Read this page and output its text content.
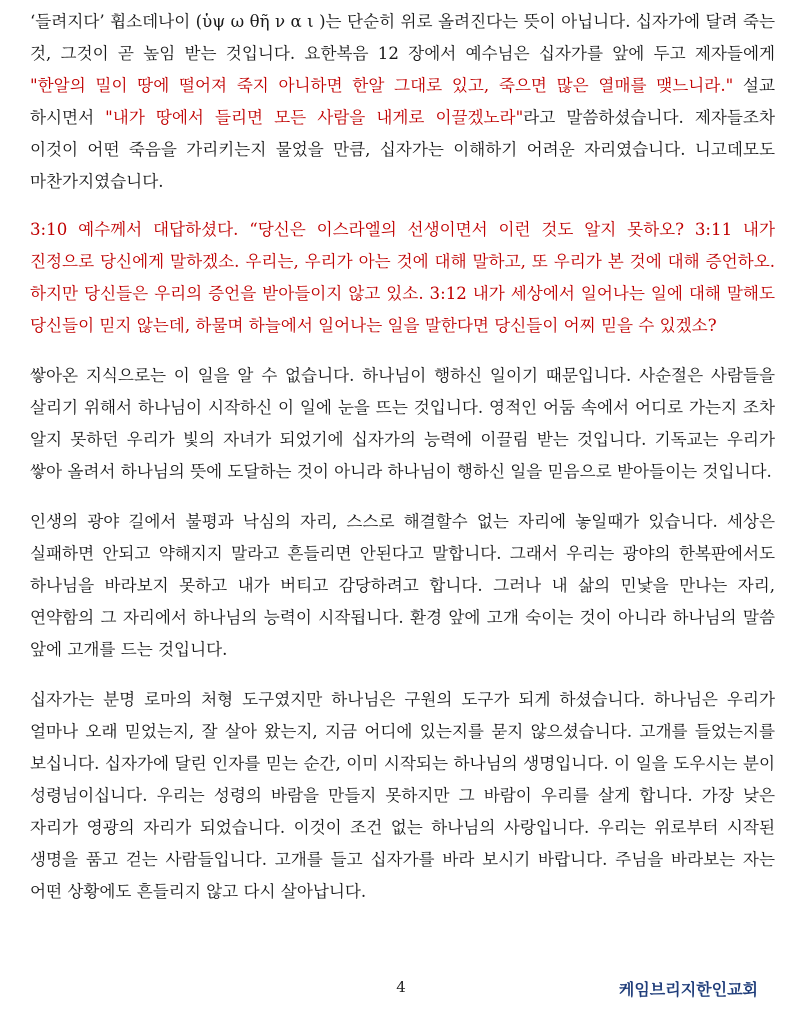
‘들려지다’ 휩소데나이 (ὑψ ω θῆ ν α ι )는 단순히 위로 올려진다는 뜻이 아닙니다. 십자가에 달려 죽는 것, 그것이 곧 높임 받는 것입니다. 요한복음 12 장에서 예수님은 십자가를 앞에 두고 제자들에게 "한알의 밀이 땅에 떨어져 죽지 아니하면 한알 그대로 있고, 죽으면 많은 열매를 맺느니라." 설교 하시면서 "내가 땅에서 들리면 모든 사람을 내게로 이끌겠노라"라고 말씀하셨습니다. 제자들조차 이것이 어떤 죽음을 가리키는지 물었을 만큼, 십자가는 이해하기 어려운 자리였습니다. 니고데모도 마찬가지였습니다.

3:10 예수께서 대답하셨다. “당신은 이스라엘의 선생이면서 이런 것도 알지 못하오? 3:11 내가 진정으로 당신에게 말하겠소. 우리는, 우리가 아는 것에 대해 말하고, 또 우리가 본 것에 대해 증언하오. 하지만 당신들은 우리의 증언을 받아들이지 않고 있소. 3:12 내가 세상에서 일어나는 일에 대해 말해도 당신들이 믿지 않는데, 하물며 하늘에서 일어나는 일을 말한다면 당신들이 어찌 믿을 수 있겠소?

쌓아온 지식으로는 이 일을 알 수 없습니다. 하나님이 행하신 일이기 때문입니다. 사순절은 사람들을 살리기 위해서 하나님이 시작하신 이 일에 눈을 뜨는 것입니다. 영적인 어둠 속에서 어디로 가는지 조차 알지 못하던 우리가 빛의 자녀가 되었기에 십자가의 능력에 이끌림 받는 것입니다. 기독교는 우리가 쌓아 올려서 하나님의 뜻에 도달하는 것이 아니라 하나님이 행하신 일을 믿음으로 받아들이는 것입니다.

인생의 광야 길에서 불평과 낙심의 자리, 스스로 해결할수 없는 자리에 놓일때가 있습니다. 세상은 실패하면 안되고 약해지지 말라고 흔들리면 안된다고 말합니다. 그래서 우리는 광야의 한복판에서도 하나님을 바라보지 못하고 내가 버티고 감당하려고 합니다. 그러나 내 삶의 민낯을 만나는 자리, 연약함의 그 자리에서 하나님의 능력이 시작됩니다. 환경 앞에 고개 숙이는 것이 아니라 하나님의 말씀 앞에 고개를 드는 것입니다.

십자가는 분명 로마의 처형 도구였지만 하나님은 구원의 도구가 되게 하셨습니다. 하나님은 우리가 얼마나 오래 믿었는지, 잘 살아 왔는지, 지금 어디에 있는지를 묻지 않으셨습니다. 고개를 들었는지를 보십니다. 십자가에 달린 인자를 믿는 순간, 이미 시작되는 하나님의 생명입니다. 이 일을 도우시는 분이 성령님이십니다. 우리는 성령의 바람을 만들지 못하지만 그 바람이 우리를 살게 합니다. 가장 낮은 자리가 영광의 자리가 되었습니다. 이것이 조건 없는 하나님의 사랑입니다. 우리는 위로부터 시작된 생명을 품고 걷는 사람들입니다. 고개를 들고 십자가를 바라 보시기 바랍니다. 주님을 바라보는 자는 어떤 상황에도 흔들리지 않고 다시 살아납니다.

4	케임브리지한인교회
